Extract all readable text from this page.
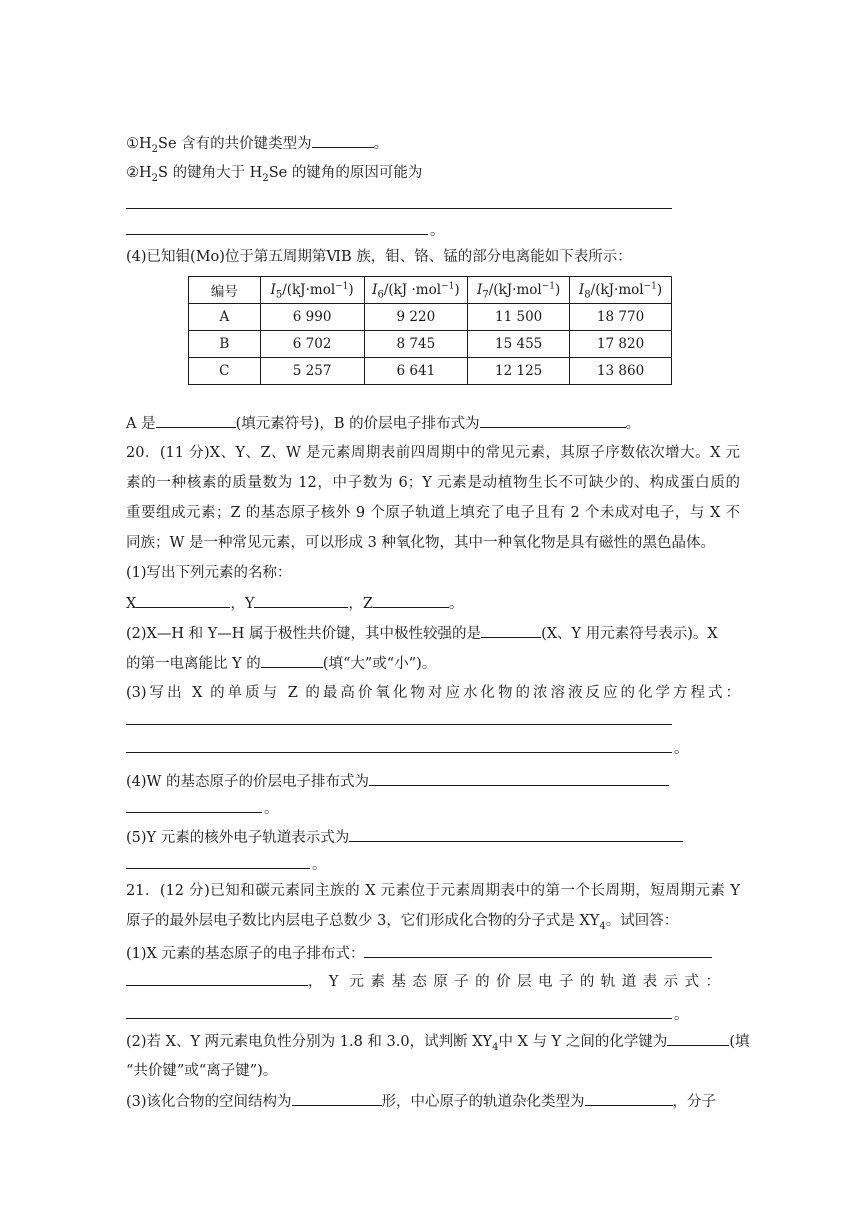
$①H_2Se$ 含有的共价键类型为	。
$②H_2S$ 的键角大于 $H_2Se$ 的键角的原因可能为
。
(4)已知钼(Mo)位于第五周期第ⅥB 族，钼、铬、锰的部分电离能如下表所示：
编号	$I_5/(kJ\cdot mol^{-1})$	$I_6/(kJ \cdot mol^{-1})$	$I_7/(kJ\cdot mol^{-1})$	$I_8/(kJ\cdot mol^{-1})$
A	6 990	9 220	11 500	18 770
B	6 702	8 745	15 455	17 820
C	5 257	6 641	12 125	13 860
A 是	(填元素符号)，B 的价层电子排布式为	。
20．(11 分)X、Y、Z、W 是元素周期表前四周期中的常见元素，其原子序数依次增大。X 元
素的一种核素的质量数为 12，中子数为 6；Y 元素是动植物生长不可缺少的、构成蛋白质的
重要组成元素；Z 的基态原子核外 9 个原子轨道上填充了电子且有 2 个未成对电子，与 X 不
同族；W 是一种常见元素，可以形成 3 种氧化物，其中一种氧化物是具有磁性的黑色晶体。
(1)写出下列元素的名称：
X	，Y	，Z	。
(2)X—H 和 Y—H 属于极性共价键，其中极性较强的是	(X、Y 用元素符号表示)。X
的第一电离能比 Y 的	(填“大”或“小”)。
(3)写出 X 的单质与 Z 的最高价氧化物对应水化物的浓溶液反应的化学方程式：
。
(4)W 的基态原子的价层电子排布式为
。
(5)Y 元素的核外电子轨道表示式为
。
21．(12 分)已知和碳元素同主族的 X 元素位于元素周期表中的第一个长周期，短周期元素 Y
原子的最外层电子数比内层电子总数少 3，它们形成化合物的分子式是 $XY_4$。试回答：
(1)X 元素的基态原子的电子排布式：
，Y 元素基态原子的价层电子的轨道表示式：
。
(2)若 X、Y 两元素电负性分别为 1.8 和 3.0，试判断 $XY_4$中 X 与 Y 之间的化学键为	(填
“共价键”或“离子键”)。
(3)该化合物的空间结构为	形，中心原子的轨道杂化类型为	，分子
